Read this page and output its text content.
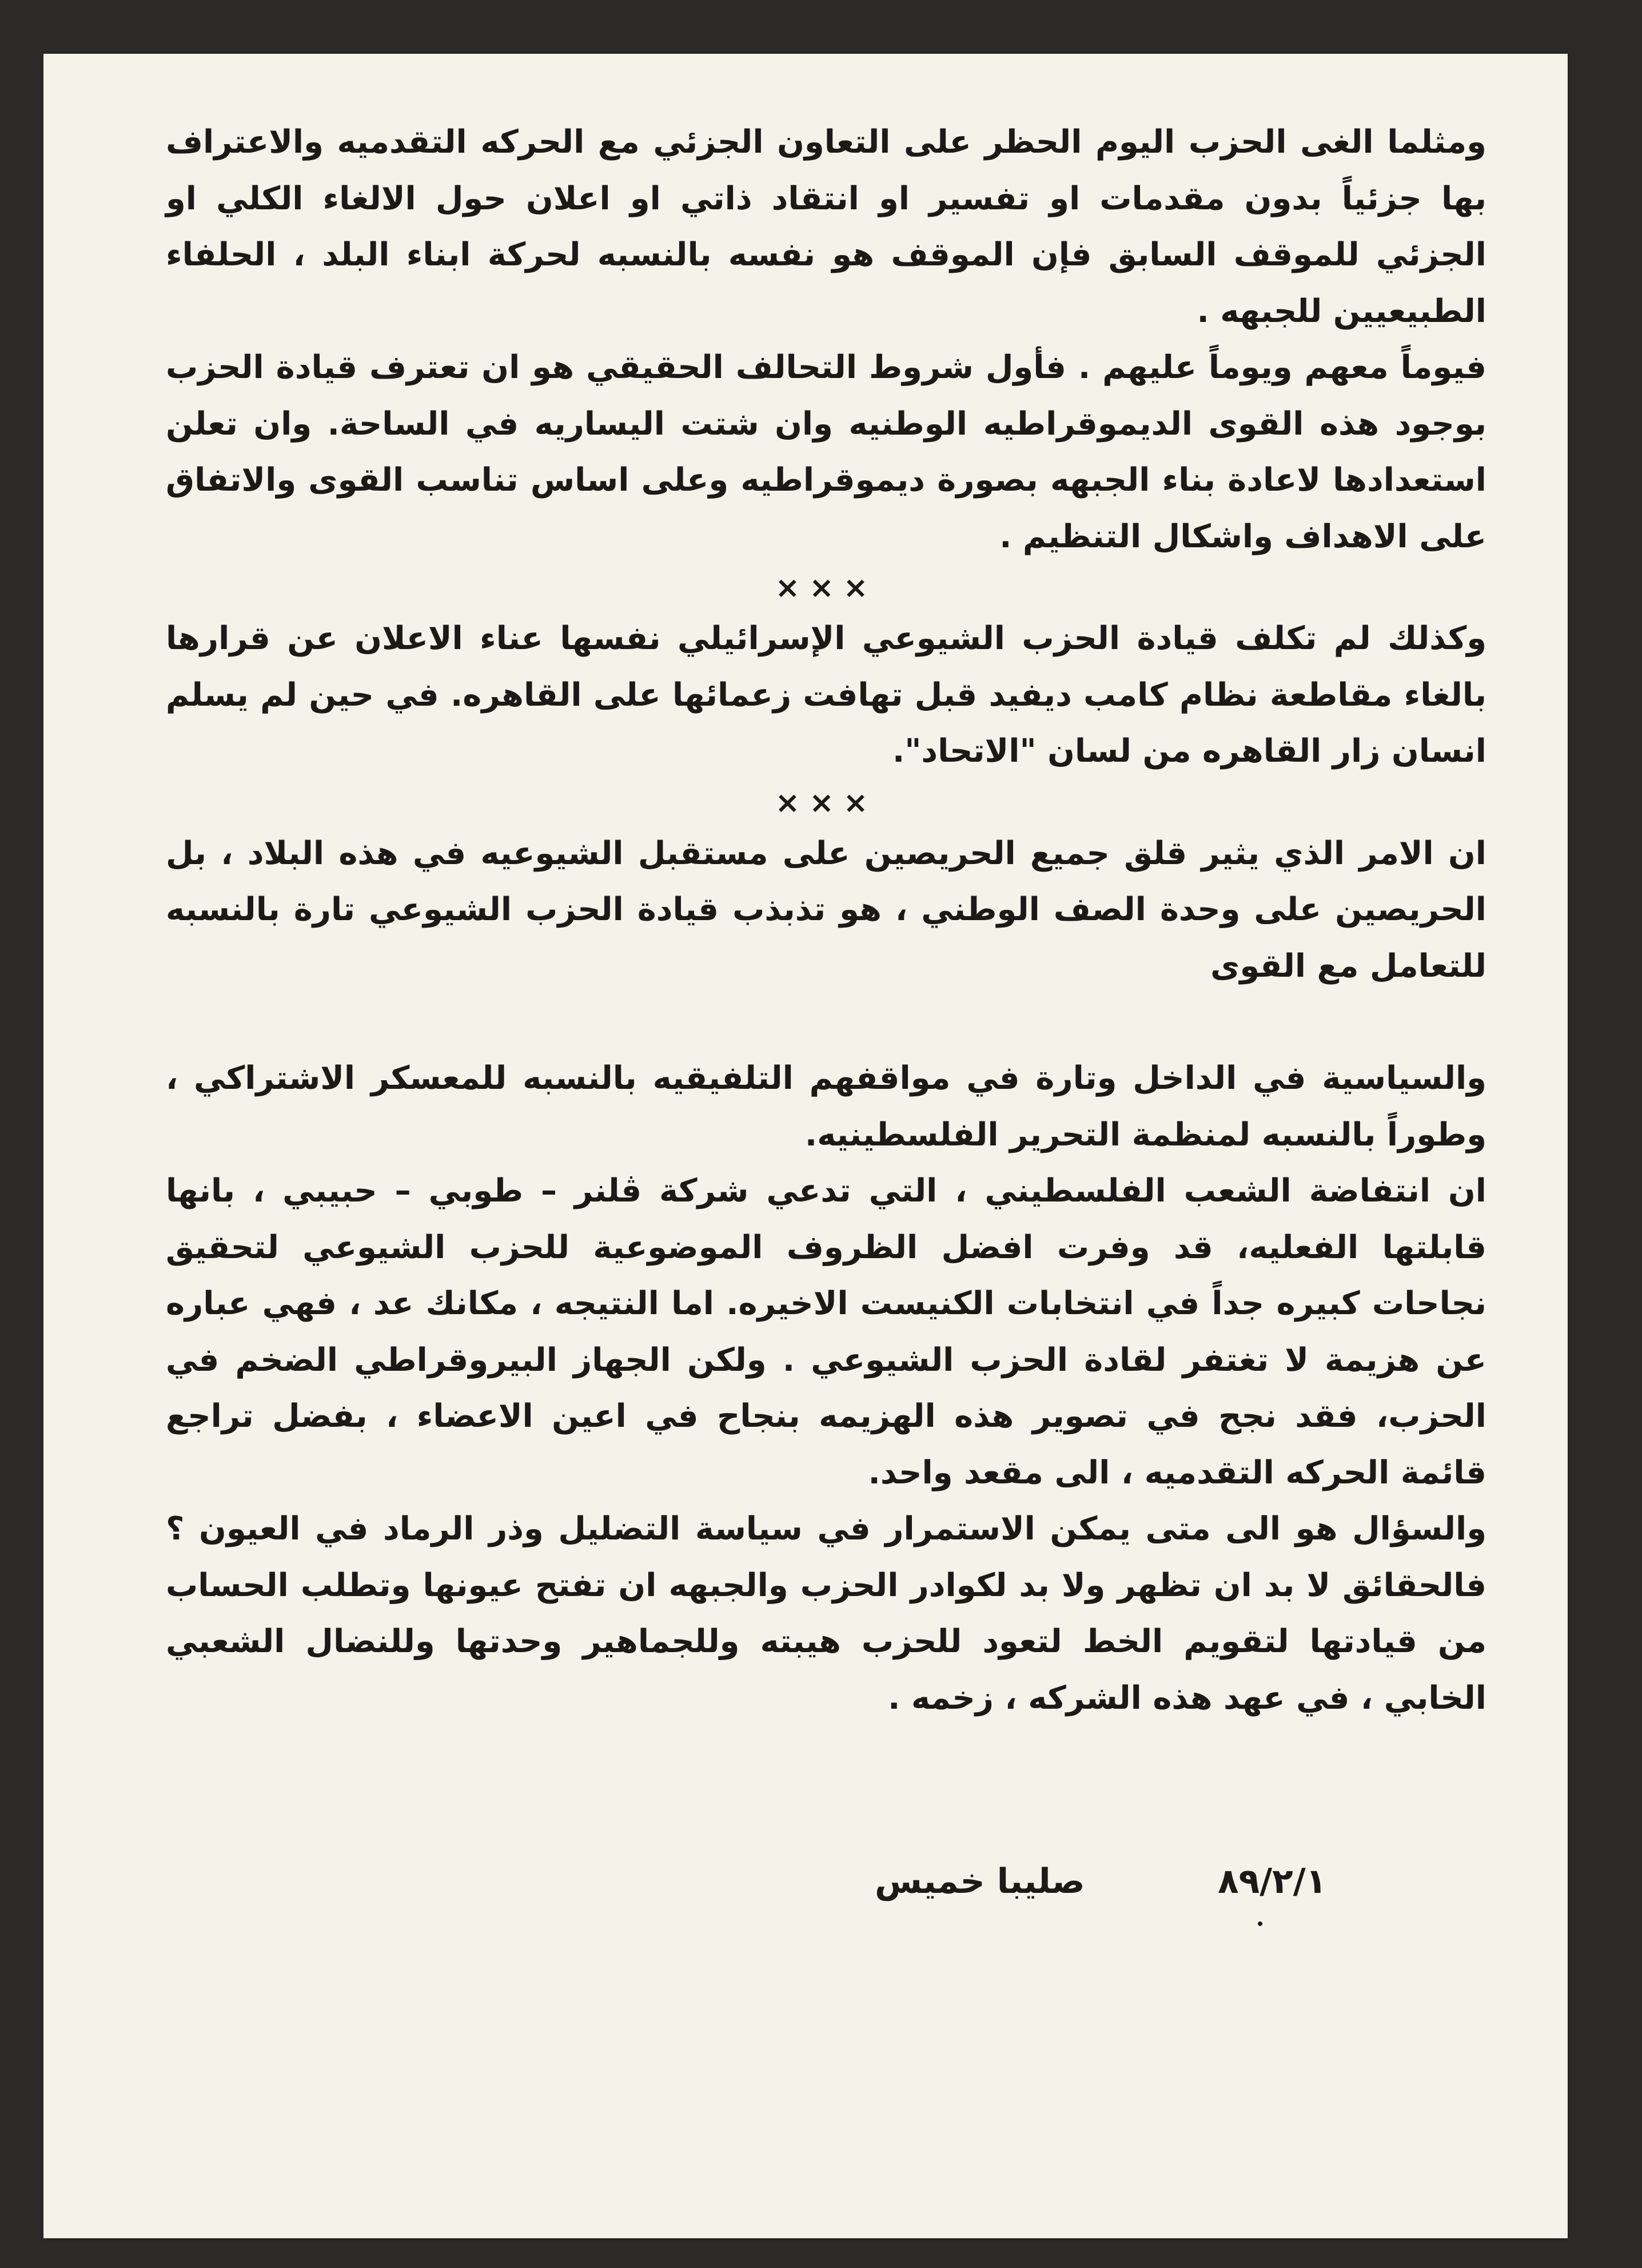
ومثلما الغى الحزب اليوم الحظر على التعاون الجزئي مع الحركه التقدميه والاعتراف بها جزئياً بدون مقدمات او تفسير او انتقاد ذاتي او اعلان حول الالغاء الكلي او الجزئي للموقف السابق فإن الموقف هو نفسه بالنسبه لحركة ابناء البلد ، الحلفاء الطبيعيين للجبهه .

فيوماً معهم ويوماً عليهم . فأول شروط التحالف الحقيقي هو ان تعترف قيادة الحزب بوجود هذه القوى الديموقراطيه الوطنيه وان شتت اليساريه في الساحة. وان تعلن استعدادها لاعادة بناء الجبهه بصورة ديموقراطيه وعلى اساس تناسب القوى والاتفاق على الاهداف واشكال التنظيم .

×××

وكذلك لم تكلف قيادة الحزب الشيوعي الإسرائيلي نفسها عناء الاعلان عن قرارها بالغاء مقاطعة نظام كامب ديفيد قبل تهافت زعمائها على القاهره. في حين لم يسلم انسان زار القاهره من لسان "الاتحاد".

×××

ان الامر الذي يثير قلق جميع الحريصين على مستقبل الشيوعيه في هذه البلاد ، بل الحريصين على وحدة الصف الوطني ، هو تذبذب قيادة الحزب الشيوعي تارة بالنسبه للتعامل مع القوى

والسياسية في الداخل وتارة في مواقفهم التلفيقيه بالنسبه للمعسكر الاشتراكي ، وطوراً بالنسبه لمنظمة التحرير الفلسطينيه.

ان انتفاضة الشعب الفلسطيني ، التي تدعي شركة ڤلنر – طوبي – حبيبي ، بانها قابلتها الفعليه، قد وفرت افضل الظروف الموضوعية للحزب الشيوعي لتحقيق نجاحات كبيره جداً في انتخابات الكنيست الاخيره. اما النتيجه ، مكانك عد ، فهي عباره عن هزيمة لا تغتفر لقادة الحزب الشيوعي . ولكن الجهاز البيروقراطي الضخم في الحزب، فقد نجح في تصوير هذه الهزيمه بنجاح في اعين الاعضاء ، بفضل تراجع قائمة الحركه التقدميه ، الى مقعد واحد.

والسؤال هو الى متى يمكن الاستمرار في سياسة التضليل وذر الرماد في العيون ؟ فالحقائق لا بد ان تظهر ولا بد لكوادر الحزب والجبهه ان تفتح عيونها وتطلب الحساب من قيادتها لتقويم الخط لتعود للحزب هيبته وللجماهير وحدتها وللنضال الشعبي الخابي ، في عهد هذه الشركه ، زخمه .

صليبا خميس	٨٩/٢/١
